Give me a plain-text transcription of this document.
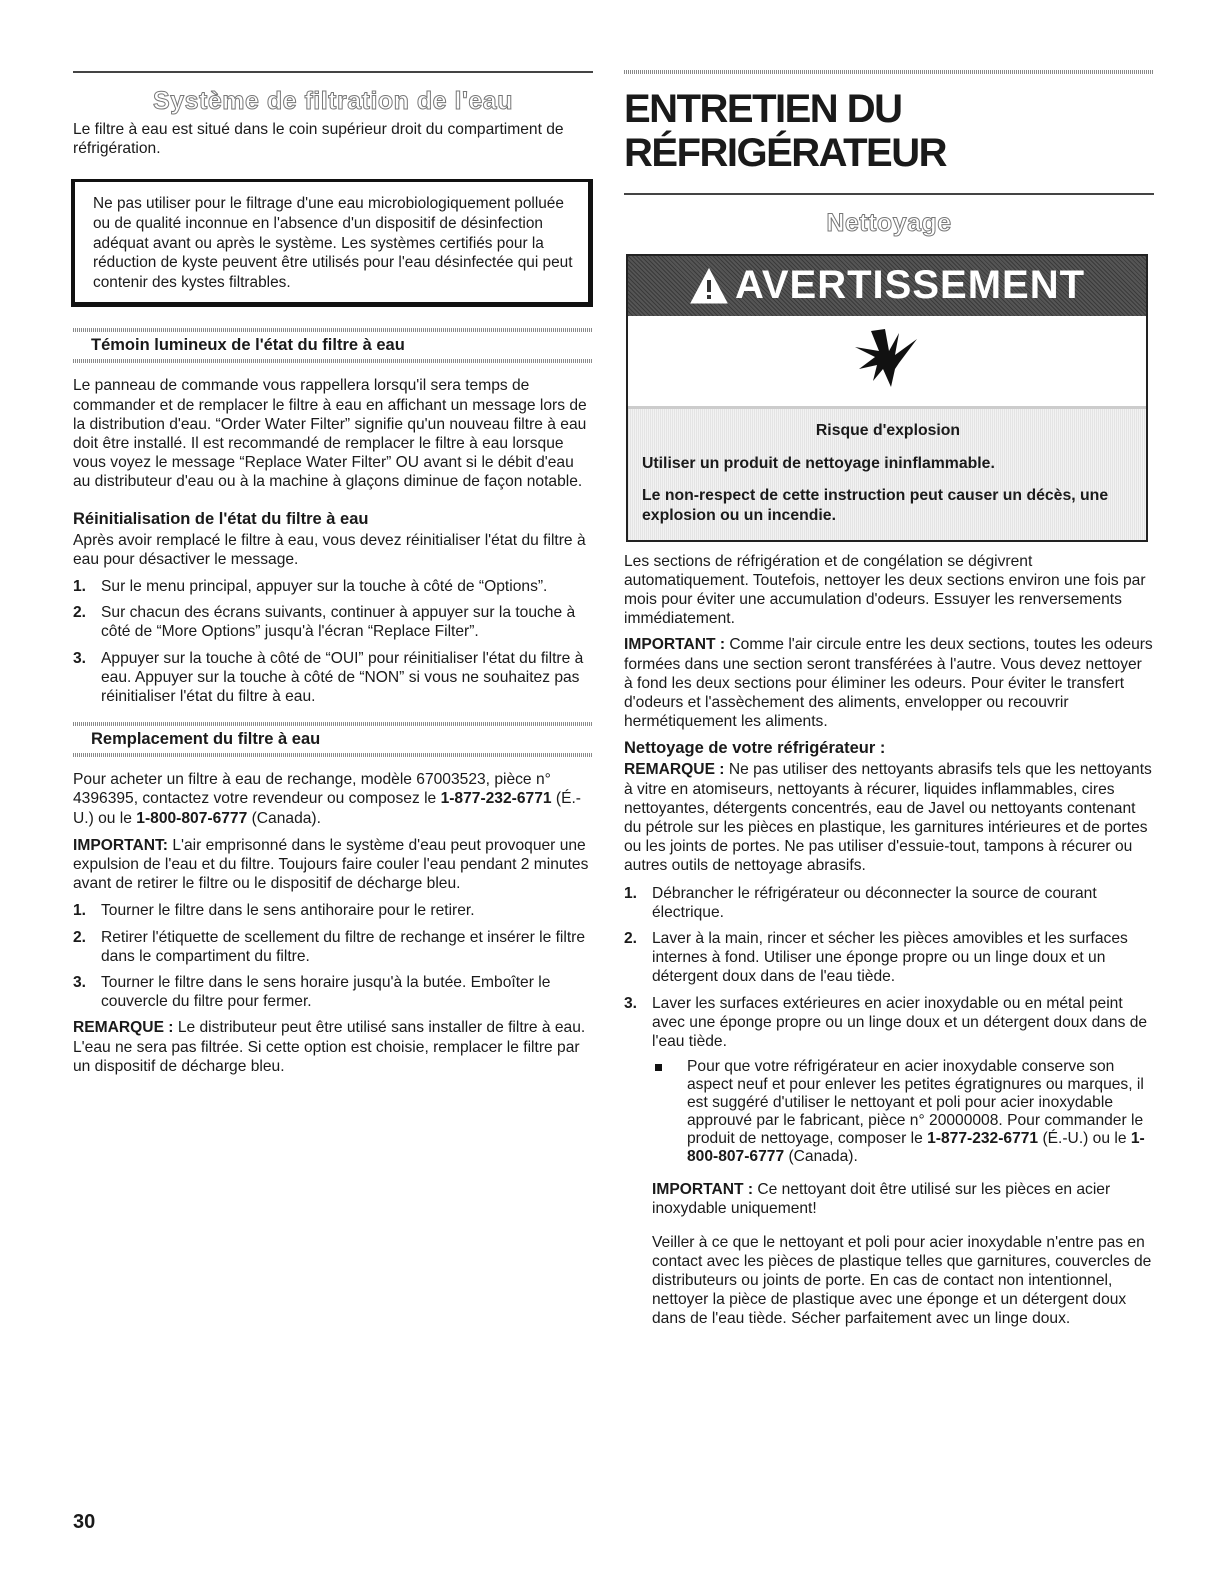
Système de filtration de l'eau

Le filtre à eau est situé dans le coin supérieur droit du compartiment de réfrigération.

Ne pas utiliser pour le filtrage d'une eau microbiologiquement polluée ou de qualité inconnue en l'absence d'un dispositif de désinfection adéquat avant ou après le système. Les systèmes certifiés pour la réduction de kyste peuvent être utilisés pour l'eau désinfectée qui peut contenir des kystes filtrables.

Témoin lumineux de l'état du filtre à eau

Le panneau de commande vous rappellera lorsqu'il sera temps de commander et de remplacer le filtre à eau en affichant un message lors de la distribution d'eau. “Order Water Filter” signifie qu'un nouveau filtre à eau doit être installé. Il est recommandé de remplacer le filtre à eau lorsque vous voyez le message “Replace Water Filter” OU avant si le débit d'eau au distributeur d'eau ou à la machine à glaçons diminue de façon notable.

Réinitialisation de l'état du filtre à eau

Après avoir remplacé le filtre à eau, vous devez réinitialiser l'état du filtre à eau pour désactiver le message.

1. Sur le menu principal, appuyer sur la touche à côté de “Options”.
2. Sur chacun des écrans suivants, continuer à appuyer sur la touche à côté de “More Options” jusqu'à l'écran “Replace Filter”.
3. Appuyer sur la touche à côté de “OUI” pour réinitialiser l'état du filtre à eau. Appuyer sur la touche à côté de “NON” si vous ne souhaitez pas réinitialiser l'état du filtre à eau.
Remplacement du filtre à eau

Pour acheter un filtre à eau de rechange, modèle 67003523, pièce n° 4396395, contactez votre revendeur ou composez le 1-877-232-6771 (É.-U.) ou le 1-800-807-6777 (Canada).

IMPORTANT: L'air emprisonné dans le système d'eau peut provoquer une expulsion de l'eau et du filtre. Toujours faire couler l'eau pendant 2 minutes avant de retirer le filtre ou le dispositif de décharge bleu.

1. Tourner le filtre dans le sens antihoraire pour le retirer.
2. Retirer l'étiquette de scellement du filtre de rechange et insérer le filtre dans le compartiment du filtre.
3. Tourner le filtre dans le sens horaire jusqu'à la butée. Emboîter le couvercle du filtre pour fermer.

REMARQUE : Le distributeur peut être utilisé sans installer de filtre à eau. L'eau ne sera pas filtrée. Si cette option est choisie, remplacer le filtre par un dispositif de décharge bleu.

ENTRETIEN DU RÉFRIGÉRATEUR
Nettoyage
AVERTISSEMENT

Risque d'explosion

Utiliser un produit de nettoyage ininflammable.

Le non-respect de cette instruction peut causer un décès, une explosion ou un incendie.

Les sections de réfrigération et de congélation se dégivrent automatiquement. Toutefois, nettoyer les deux sections environ une fois par mois pour éviter une accumulation d'odeurs. Essuyer les renversements immédiatement.

IMPORTANT : Comme l'air circule entre les deux sections, toutes les odeurs formées dans une section seront transférées à l'autre. Vous devez nettoyer à fond les deux sections pour éliminer les odeurs. Pour éviter le transfert d'odeurs et l'assèchement des aliments, envelopper ou recouvrir hermétiquement les aliments.

Nettoyage de votre réfrigérateur :

REMARQUE : Ne pas utiliser des nettoyants abrasifs tels que les nettoyants à vitre en atomiseurs, nettoyants à récurer, liquides inflammables, cires nettoyantes, détergents concentrés, eau de Javel ou nettoyants contenant du pétrole sur les pièces en plastique, les garnitures intérieures et de portes ou les joints de portes. Ne pas utiliser d'essuie-tout, tampons à récurer ou autres outils de nettoyage abrasifs.

1. Débrancher le réfrigérateur ou déconnecter la source de courant électrique.
2. Laver à la main, rincer et sécher les pièces amovibles et les surfaces internes à fond. Utiliser une éponge propre ou un linge doux et un détergent doux dans de l'eau tiède.
3. Laver les surfaces extérieures en acier inoxydable ou en métal peint avec une éponge propre ou un linge doux et un détergent doux dans de l'eau tiède.
Pour que votre réfrigérateur en acier inoxydable conserve son aspect neuf et pour enlever les petites égratignures ou marques, il est suggéré d'utiliser le nettoyant et poli pour acier inoxydable approuvé par le fabricant, pièce n° 20000008. Pour commander le produit de nettoyage, composer le 1-877-232-6771 (É.-U.) ou le 1-800-807-6777 (Canada).

IMPORTANT : Ce nettoyant doit être utilisé sur les pièces en acier inoxydable uniquement!

Veiller à ce que le nettoyant et poli pour acier inoxydable n'entre pas en contact avec les pièces de plastique telles que garnitures, couvercles de distributeurs ou joints de porte. En cas de contact non intentionnel, nettoyer la pièce de plastique avec une éponge et un détergent doux dans de l'eau tiède. Sécher parfaitement avec un linge doux.

30
